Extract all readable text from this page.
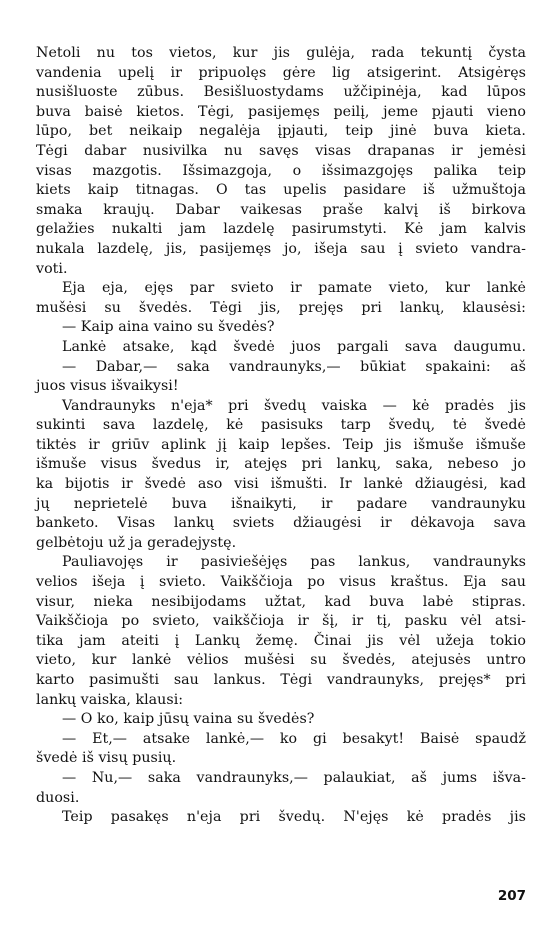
Netoli nu tos vietos, kur jis gulėja, rada tekuntį čysta
vandenia upelį ir pripuolęs gėre lig atsigerint. Atsigėręs
nusišluoste zūbus. Besišluostydams užčipinėja, kad lūpos
buva baisė kietos. Tėgi, pasijemęs peilį, jeme pjauti vieno
lūpo, bet neikaip negalėja įpjauti, teip jinė buva kieta.
Tėgi dabar nusivilka nu savęs visas drapanas ir jemėsi
visas mazgotis. Išsimazgoja, o išsimazgojęs palika teip
kiets kaip titnagas. O tas upelis pasidare iš užmuštoja
smaka kraujų. Dabar vaikesas praše kalvį iš birkova
gelažies nukalti jam lazdelę pasirumstyti. Kė jam kalvis
nukala lazdelę, jis, pasijemęs jo, išeja sau į svieto vandra-
voti.
Eja eja, ejęs par svieto ir pamate vieto, kur lankė
mušėsi su švedės. Tėgi jis, prejęs pri lankų, klausėsi:
— Kaip aina vaino su švedės?
Lankė atsake, kąd švedė juos pargali sava daugumu.
— Dabar,— saka vandraunyks,— būkiat spakaini: aš
juos visus išvaikysi!
Vandraunyks n'eja* pri švedų vaiska — kė pradės jis
sukinti sava lazdelę, kė pasisuks tarp švedų, tė švedė
tiktės ir griūv aplink jį kaip lepšes. Teip jis išmuše išmuše
išmuše visus švedus ir, atejęs pri lankų, saka, nebeso jo
ka bijotis ir švedė aso visi išmušti. Ir lankė džiaugėsi, kad
jų neprietelė buva išnaikyti, ir padare vandraunyku
banketo. Visas lankų sviets džiaugėsi ir dėkavoja sava
gelbėtoju už ja geradejystę.
Pauliavojęs ir pasiviešėjęs pas lankus, vandraunyks
velios išeja į svieto. Vaikščioja po visus kraštus. Eja sau
visur, nieka nesibijodams užtat, kad buva labė stipras.
Vaikščioja po svieto, vaikščioja ir šį, ir tį, pasku vėl atsi-
tika jam ateiti į Lankų žemę. Činai jis vėl užeja tokio
vieto, kur lankė vėlios mušėsi su švedės, atejusės untro
karto pasimušti sau lankus. Tėgi vandraunyks, prejęs* pri
lankų vaiska, klausi:
— O ko, kaip jūsų vaina su švedės?
— Et,— atsake lankė,— ko gi besakyt! Baisė spaudž
švedė iš visų pusių.
— Nu,— saka vandraunyks,— palaukiat, aš jums išva-
duosi.
Teip pasakęs n'eja pri švedų. N'ejęs kė pradės jis
207
